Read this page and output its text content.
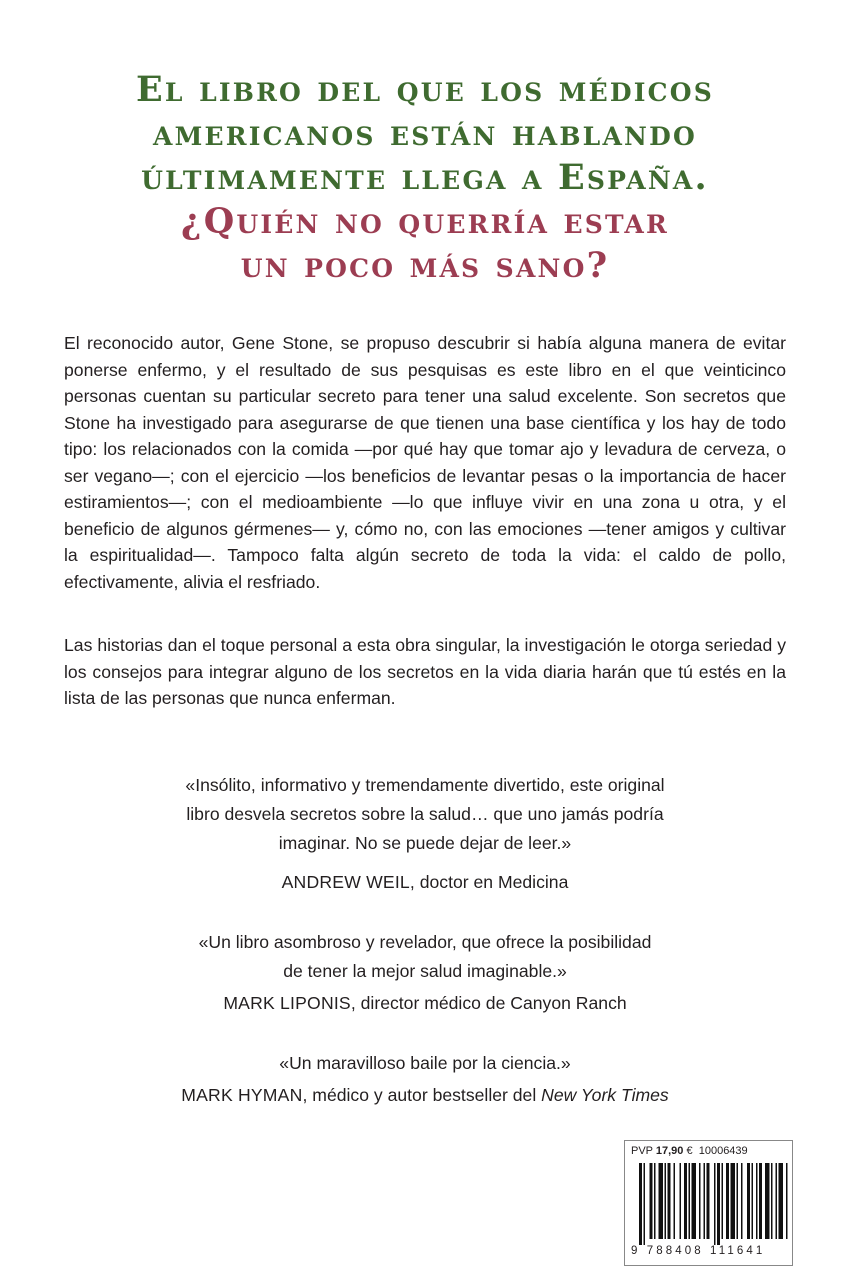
El libro del que los médicos
americanos están hablando
últimamente llega a España.
¿Quién no querría estar
un poco más sano?

El reconocido autor, Gene Stone, se propuso descubrir si había alguna manera de evitar ponerse enfermo, y el resultado de sus pesquisas es este libro en el que veinticinco personas cuentan su particular secreto para tener una salud excelente. Son secretos que Stone ha investigado para asegurarse de que tienen una base científica y los hay de todo tipo: los relacionados con la comida —por qué hay que tomar ajo y levadura de cerveza, o ser vegano—; con el ejercicio —los beneficios de levantar pesas o la importancia de hacer estiramientos—; con el medioambiente —lo que influye vivir en una zona u otra, y el beneficio de algunos gérmenes— y, cómo no, con las emociones —tener amigos y cultivar la espiritualidad—. Tampoco falta algún secreto de toda la vida: el caldo de pollo, efectivamente, alivia el resfriado.

Las historias dan el toque personal a esta obra singular, la investigación le otorga seriedad y los consejos para integrar alguno de los secretos en la vida diaria harán que tú estés en la lista de las personas que nunca enferman.

«Insólito, informativo y tremendamente divertido, este original
libro desvela secretos sobre la salud… que uno jamás podría
imaginar. No se puede dejar de leer.»
ANDREW WEIL, doctor en Medicina
«Un libro asombroso y revelador, que ofrece la posibilidad
de tener la mejor salud imaginable.»
MARK LIPONIS, director médico de Canyon Ranch
«Un maravilloso baile por la ciencia.»
MARK HYMAN, médico y autor bestseller del New York Times
PVP 17,90 € 10006439
9 788408 111641
